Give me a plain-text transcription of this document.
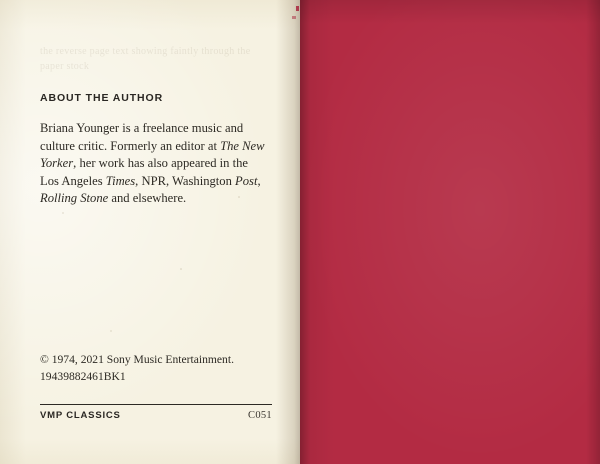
the reverse page text showing faintly through the paper stock
ABOUT THE AUTHOR
Briana Younger is a freelance music and culture critic. Formerly an editor at The New Yorker, her work has also appeared in the Los Angeles Times, NPR, Washington Post, Rolling Stone and elsewhere.
© 1974, 2021 Sony Music Entertainment.
19439882461BK1
VMP CLASSICS	C051
